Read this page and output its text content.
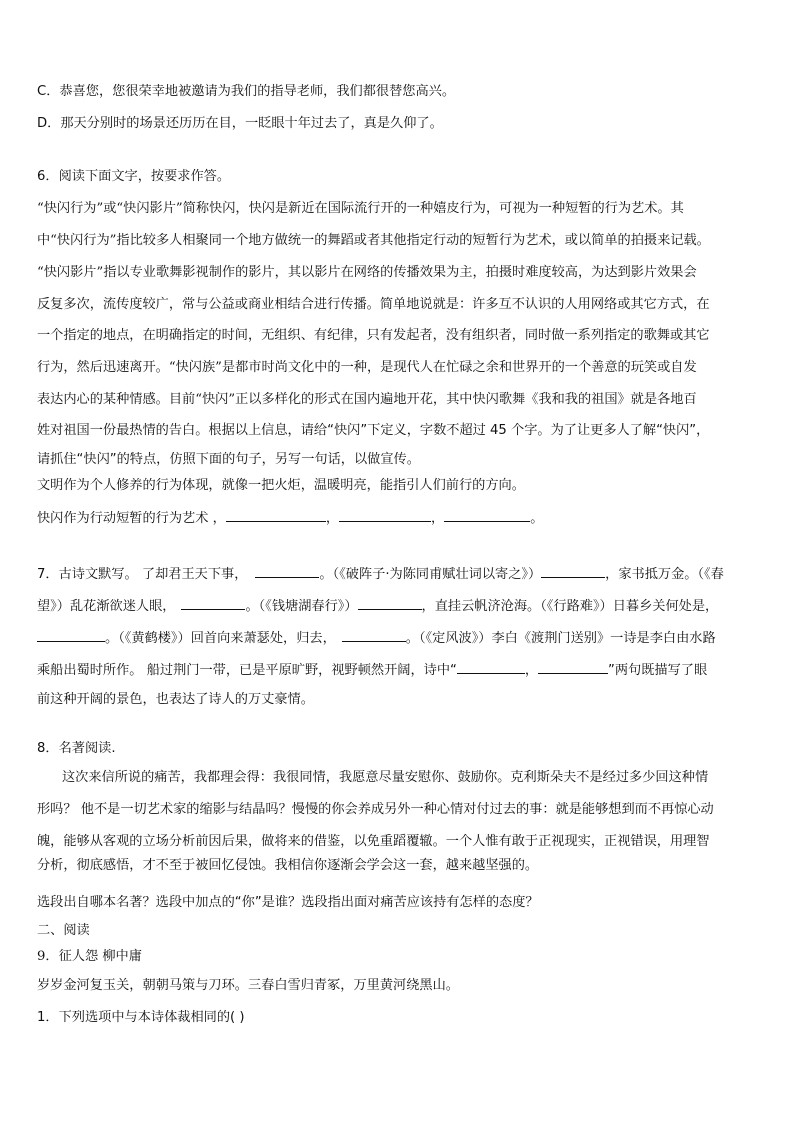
C．恭喜您，您很荣幸地被邀请为我们的指导老师，我们都很替您高兴。
D．那天分别时的场景还历历在目，一眨眼十年过去了，真是久仰了。
6．阅读下面文字，按要求作答。
“快闪行为”或“快闪影片”简称快闪，快闪是新近在国际流行开的一种嬉皮行为，可视为一种短暂的行为艺术。其
中“快闪行为”指比较多人相聚同一个地方做统一的舞蹈或者其他指定行动的短暂行为艺术，或以简单的拍摄来记载。
“快闪影片”指以专业歌舞影视制作的影片，其以影片在网络的传播效果为主，拍摄时难度较高，为达到影片效果会
反复多次，流传度较广，常与公益或商业相结合进行传播。简单地说就是：许多互不认识的人用网络或其它方式，在
一个指定的地点，在明确指定的时间，无组织、有纪律，只有发起者，没有组织者，同时做一系列指定的歌舞或其它
行为，然后迅速离开。“快闪族”是都市时尚文化中的一种，是现代人在忙碌之余和世界开的一个善意的玩笑或自发
表达内心的某种情感。目前“快闪”正以多样化的形式在国内遍地开花，其中快闪歌舞《我和我的祖国》就是各地百
姓对祖国一份最热情的告白。根据以上信息，请给“快闪”下定义，字数不超过 45 个字。为了让更多人了解“快闪”，
请抓住“快闪”的特点，仿照下面的句子，另写一句话，以做宣传。
文明作为个人修养的行为体现，就像一把火炬，温暖明亮，能指引人们前行的方向。
快闪作为行动短暂的行为艺术 ，	，	，	。
7．古诗文默写。 了却君王天下事，	。（《破阵子·为陈同甫赋壮词以寄之》）	，家书抵万金。（《春
望》）乱花渐欲迷人眼，	。（《钱塘湖春行》）	，直挂云帆济沧海。（《行路难》）日暮乡关何处是，
。（《黄鹤楼》）回首向来萧瑟处，归去，	。（《定风波》）李白《渡荆门送别》一诗是李白由水路
乘船出蜀时所作。 船过荆门一带，已是平原旷野，视野顿然开阔，诗中“	，	”两句既描写了眼
前这种开阔的景色，也表达了诗人的万丈豪情。
8．名著阅读.
这次来信所说的痛苦，我都理会得：我很同情，我愿意尽量安慰你、鼓励你。克利斯朵夫不是经过多少回这种情
形吗？ 他不是一切艺术家的缩影与结晶吗？慢慢的你会养成另外一种心情对付过去的事：就是能够想到而不再惊心动
魄，能够从客观的立场分析前因后果，做将来的借鉴，以免重蹈覆辙。一个人惟有敢于正视现实，正视错误，用理智
分析，彻底感悟，才不至于被回忆侵蚀。我相信你逐渐会学会这一套，越来越坚强的。
选段出自哪本名著？选段中加点的“你”是谁？选段指出面对痛苦应该持有怎样的态度？
二、阅读
9．征人怨 柳中庸
岁岁金河复玉关，朝朝马策与刀环。三春白雪归青冢，万里黄河绕黑山。
1．下列选项中与本诗体裁相同的( )
